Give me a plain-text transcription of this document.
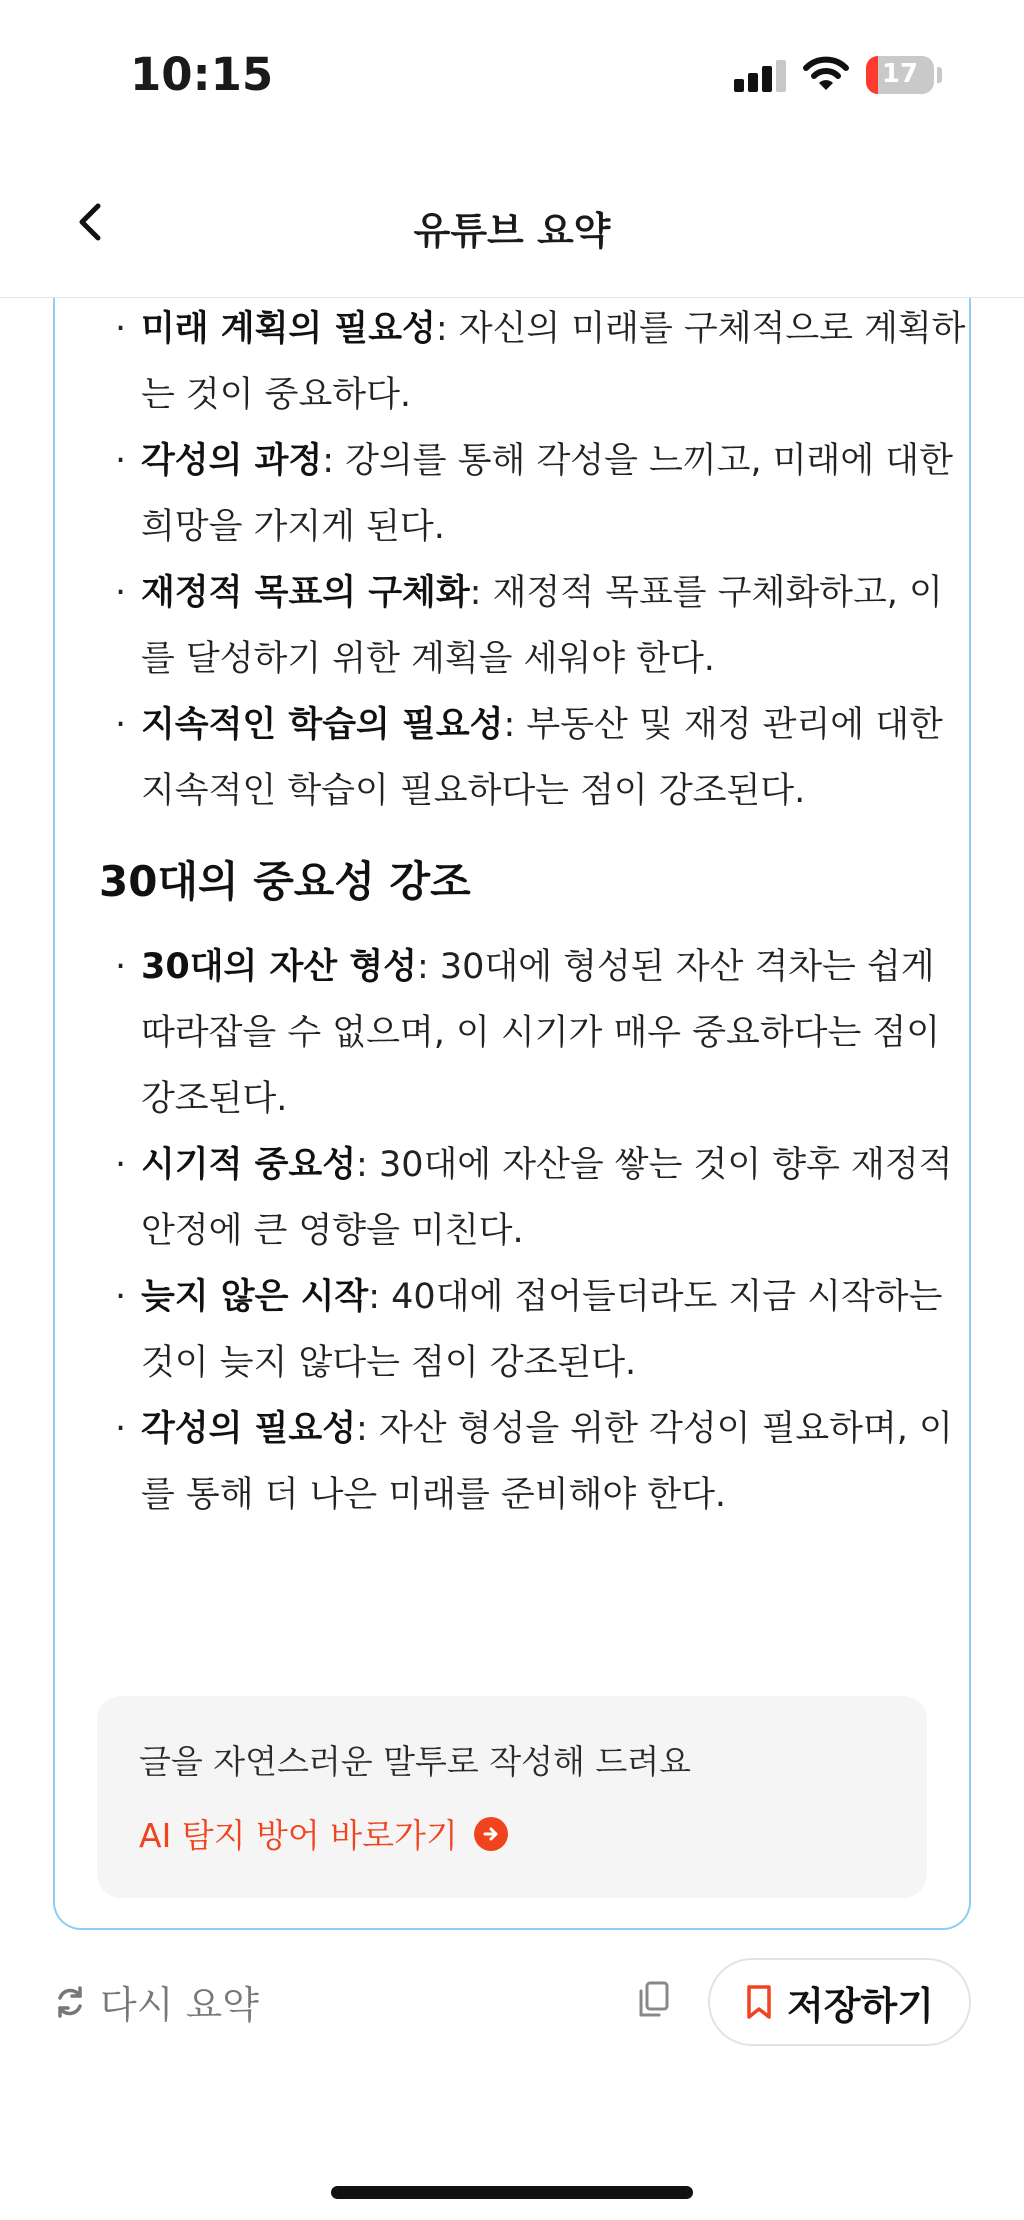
10:15	17
유튜브 요약
· 미래 계획의 필요성: 자신의 미래를 구체적으로 계획하는 것이 중요하다.
· 각성의 과정: 강의를 통해 각성을 느끼고, 미래에 대한 희망을 가지게 된다.
· 재정적 목표의 구체화: 재정적 목표를 구체화하고, 이를 달성하기 위한 계획을 세워야 한다.
· 지속적인 학습의 필요성: 부동산 및 재정 관리에 대한 지속적인 학습이 필요하다는 점이 강조된다.
30대의 중요성 강조
· 30대의 자산 형성: 30대에 형성된 자산 격차는 쉽게 따라잡을 수 없으며, 이 시기가 매우 중요하다는 점이 강조된다.
· 시기적 중요성: 30대에 자산을 쌓는 것이 향후 재정적 안정에 큰 영향을 미친다.
· 늦지 않은 시작: 40대에 접어들더라도 지금 시작하는 것이 늦지 않다는 점이 강조된다.
· 각성의 필요성: 자산 형성을 위한 각성이 필요하며, 이를 통해 더 나은 미래를 준비해야 한다.
글을 자연스러운 말투로 작성해 드려요
AI 탐지 방어 바로가기
다시 요약	저장하기
